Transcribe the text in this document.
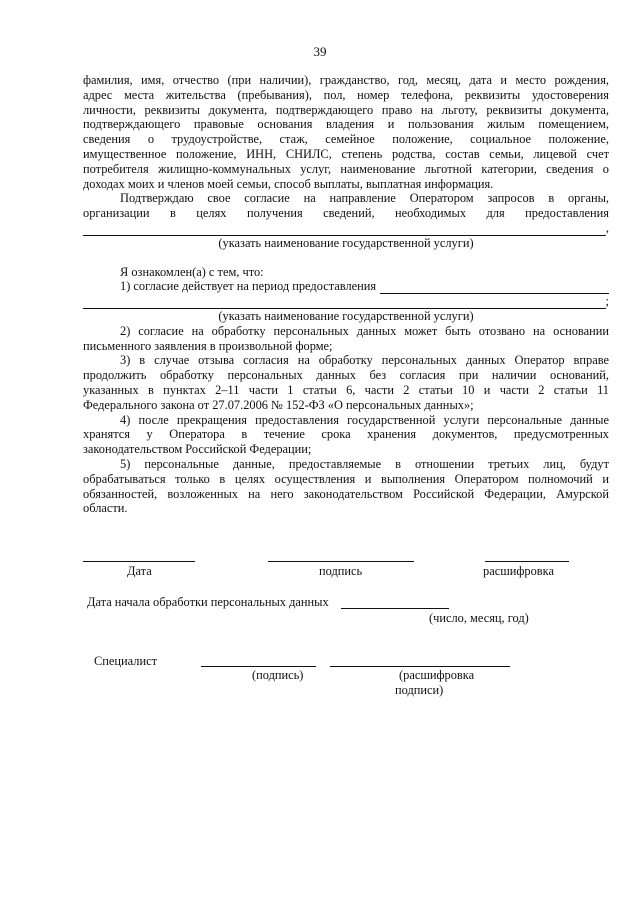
39
фамилия, имя, отчество (при наличии), гражданство, год, месяц, дата и место рождения,
адрес места жительства (пребывания), пол, номер телефона, реквизиты удостоверения
личности, реквизиты документа, подтверждающего право на льготу, реквизиты документа,
подтверждающего правовые основания владения и пользования жилым помещением,
сведения о трудоустройстве, стаж, семейное положение, социальное положение,
имущественное положение, ИНН, СНИЛС, степень родства, состав семьи, лицевой счет
потребителя жилищно-коммунальных услуг, наименование льготной категории, сведения о
доходах моих и членов моей семьи, способ выплаты, выплатная информация.
Подтверждаю свое согласие на направление Оператором запросов в органы,
организации в целях получения сведений, необходимых для предоставления
,
(указать наименование государственной услуги)
Я ознакомлен(а) с тем, что:
1) согласие действует на период предоставления
;
(указать наименование государственной услуги)
2) согласие на обработку персональных данных может быть отозвано на основании
письменного заявления в произвольной форме;
3) в случае отзыва согласия на обработку персональных данных Оператор вправе
продолжить обработку персональных данных без согласия при наличии оснований,
указанных в пунктах 2–11 части 1 статьи 6, части 2 статьи 10 и части 2 статьи 11
Федерального закона от 27.07.2006 № 152-ФЗ «О персональных данных»;
4) после прекращения предоставления государственной услуги персональные данные
хранятся у Оператора в течение срока хранения документов, предусмотренных
законодательством Российской Федерации;
5) персональные данные, предоставляемые в отношении третьих лиц, будут
обрабатываться только в целях осуществления и выполнения Оператором полномочий и
обязанностей, возложенных на него законодательством Российской Федерации, Амурской
области.
Дата	подпись	расшифровка
Дата начала обработки персональных данных
(число, месяц, год)
Специалист
(подпись)	(расшифровка
подписи)
